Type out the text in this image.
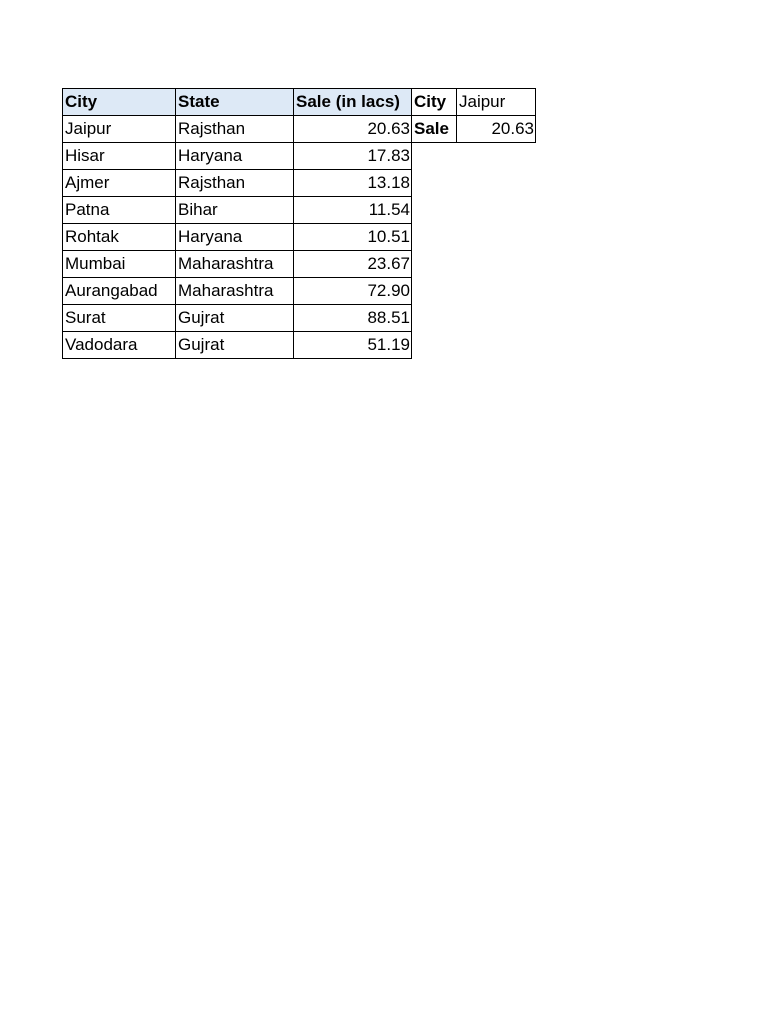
City	State	Sale (in lacs)
Jaipur	Rajsthan	20.63
Hisar	Haryana	17.83
Ajmer	Rajsthan	13.18
Patna	Bihar	11.54
Rohtak	Haryana	10.51
Mumbai	Maharashtra	23.67
Aurangabad	Maharashtra	72.90
Surat	Gujrat	88.51
Vadodara	Gujrat	51.19
City	Jaipur
Sale	20.63
